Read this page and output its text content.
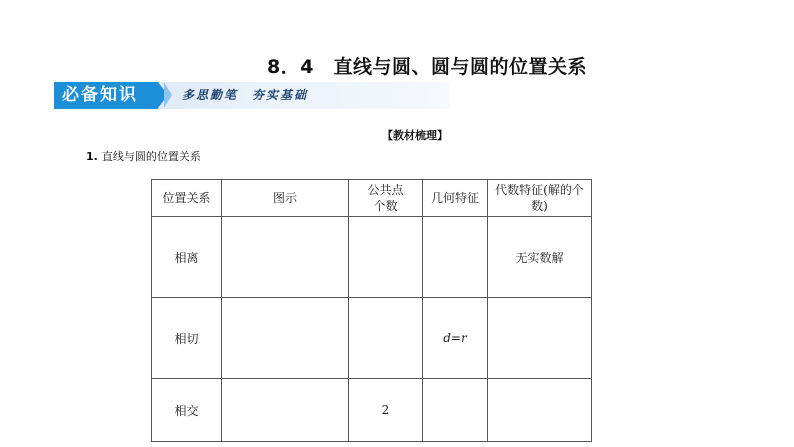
8．4　直线与圆、圆与圆的位置关系
必备知识	多思勤笔　夯实基础
【教材梳理】
1. 直线与圆的位置关系
位置关系	图示	公共点个数	几何特征	代数特征(解的个数)
相离				无实数解
相切			d=r	
相交		2		
